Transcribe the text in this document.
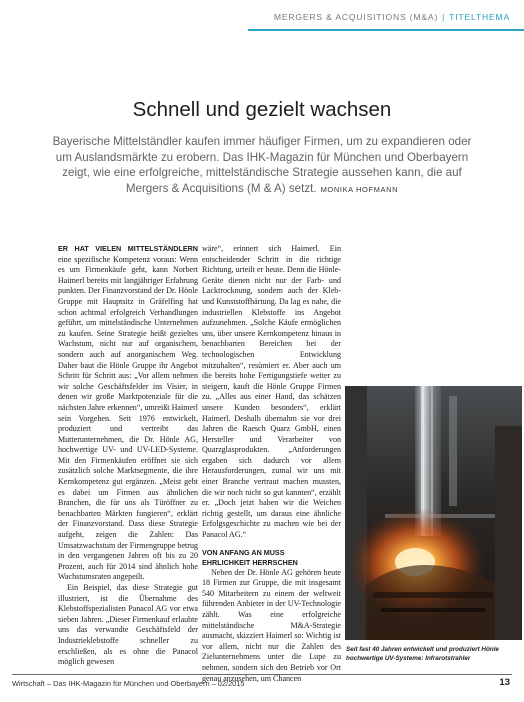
MERGERS & ACQUISITIONS (M&A) | TITELTHEMA
Schnell und gezielt wachsen

Bayerische Mittelständler kaufen immer häufiger Firmen, um zu expandieren oder um Auslandsmärkte zu erobern. Das IHK-Magazin für München und Oberbayern zeigt, wie eine erfolgreiche, mittelständische Strategie aussehen kann, die auf Mergers & Acquisitions (M & A) setzt. MONIKA HOFMANN

ER HAT VIELEN MITTELSTÄNDLERN eine spezifische Kompetenz voraus: Wenn es um Firmenkäufe geht, kann Norbert Haimerl bereits mit langjähriger Erfahrung punkten. Der Finanzvorstand der Dr. Hönle Gruppe mit Hauptsitz in Gräfelfing hat schon achtmal erfolgreich Verhandlungen geführt, um mittelständische Unternehmen zu kaufen. Seine Strategie heißt gezieltes Wachstum, nicht nur auf organischem, sondern auch auf anorganischem Weg. Daher baut die Hönle Gruppe ihr Angebot Schritt für Schritt aus: „Vor allem nehmen wir solche Geschäftsfelder ins Visier, in denen wir große Marktpotenziale für die nächsten Jahre erkennen“, umreißt Haimerl sein Vorgehen. Seit 1976 entwickelt, produziert und vertreibt das Mutterunternehmen, die Dr. Hönle AG, hochwertige UV- und UV-LED-Systeme. Mit den Firmenkäufen eröffnet sie sich zusätzlich solche Marktsegmente, die ihre Kernkompetenz gut ergänzen. „Meist geht es dabei um Firmen aus ähnlichen Branchen, die für uns als Türöffner zu benachbarten Märkten fungieren“, erklärt der Finanzvorstand. Dass diese Strategie aufgeht, zeigen die Zahlen: Das Umsatzwachstum der Firmengruppe betrug in den vergangenen Jahren oft bis zu 20 Prozent, auch für 2014 sind ähnlich hohe Wachstumsraten angepeilt.

Ein Beispiel, das diese Strategie gut illustriert, ist die Übernahme des Klebstoffspezialisten Panacol AG vor etwa sieben Jahren. „Dieser Firmenkauf erlaubte uns das verwandte Geschäftsfeld der Industrieklebstoffe schneller zu erschließen, als es ohne die Panacol möglich gewesen

wäre“, erinnert sich Haimerl. Ein entscheidender Schritt in die richtige Richtung, urteilt er heute. Denn die Hönle-Geräte dienen nicht nur der Farb- und Lacktrocknung, sondern auch der Kleb- und Kunststoffhärtung. Da lag es nahe, die industriellen Klebstoffe ins Angebot aufzunehmen. „Solche Käufe ermöglichen uns, über unsere Kernkompetenz hinaus in benachbarten Bereichen bei der technologischen Entwicklung mitzuhalten“, resümiert er. Aber auch um die bereits hohe Fertigungstiefe weiter zu steigern, kauft die Hönle Gruppe Firmen zu. „Alles aus einer Hand, das schätzen unsere Kunden besonders“, erklärt Haimerl. Deshalb übernahm sie vor drei Jahren die Raesch Quarz GmbH, einen Hersteller und Verarbeiter von Quarzglasprodukten. „Anforderungen ergaben sich dadurch vor allem Herausforderungen, zumal wir uns mit einer Branche vertraut machen mussten, die wir noch nicht so gut kannten“, erzählt er. „Doch jetzt haben wir die Weichen richtig gestellt, um daraus eine ähnliche Erfolgsgeschichte zu machen wie bei der Panacol AG.“

VON ANFANG AN MUSS
EHRLICHKEIT HERRSCHEN

Neben der Dr. Hönle AG gehören heute 18 Firmen zur Gruppe, die mit insgesamt 540 Mitarbeitern zu einem der weltweit führenden Anbieter in der UV-Technologie zählt. Was eine erfolgreiche mittelständische M&A-Strategie ausmacht, skizziert Haimerl so: Wichtig ist vor allem, nicht nur die Zahlen des Zielunternehmens unter die Lupe zu nehmen, sondern sich den Betrieb vor Ort genau anzusehen, um Chancen

Seit fast 40 Jahren entwickelt und produziert Hönle hochwertige UV-Systeme: Infrarotstrahler

Wirtschaft – Das IHK-Magazin für München und Oberbayern – 02/2015	13
